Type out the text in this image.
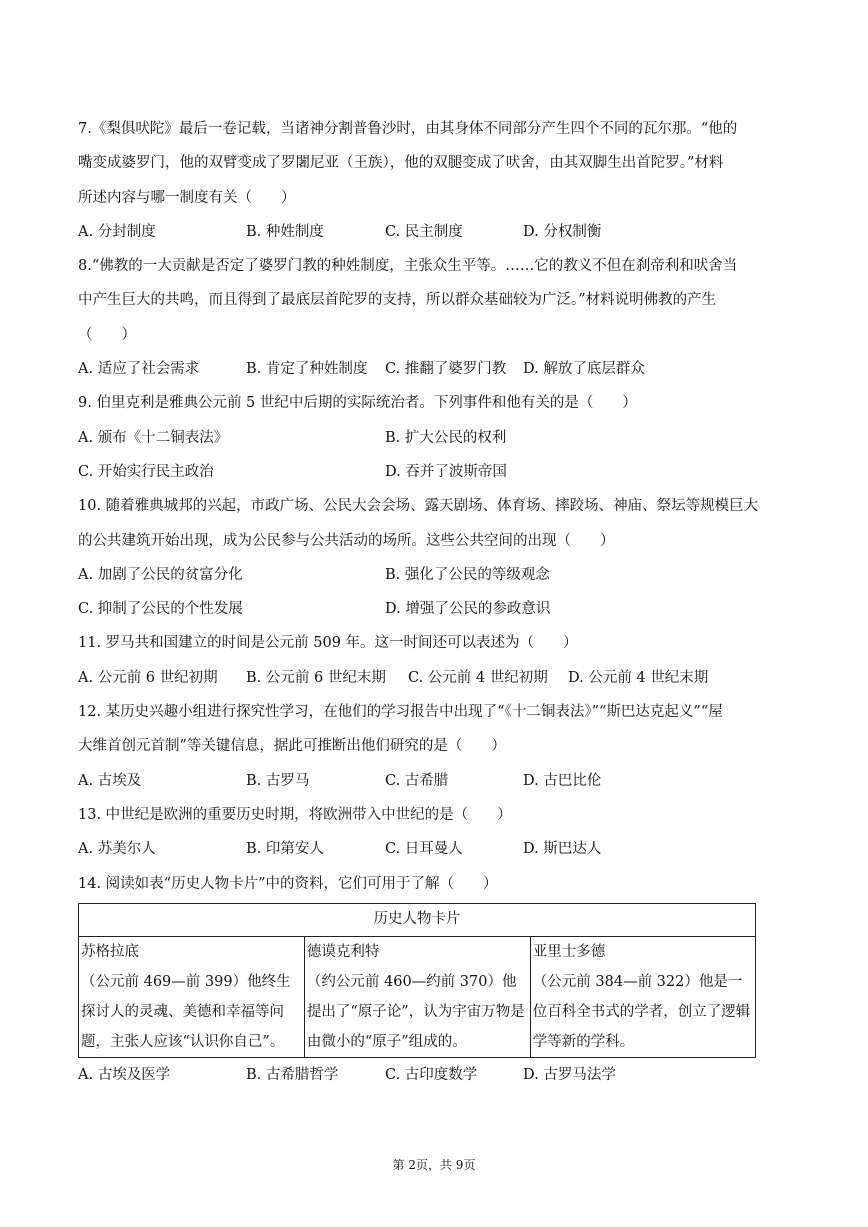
7.《梨俱吠陀》最后一卷记载，当诸神分割普鲁沙时，由其身体不同部分产生四个不同的瓦尔那。“他的
嘴变成婆罗门，他的双臂变成了罗闍尼亚（王族），他的双腿变成了吠舍，由其双脚生出首陀罗。”材料
所述内容与哪一制度有关（　　）
A. 分封制度	B. 种姓制度	C. 民主制度	D. 分权制衡
8.“佛教的一大贡献是否定了婆罗门教的种姓制度，主张众生平等。……它的教义不但在刹帝利和吠舍当
中产生巨大的共鸣，而且得到了最底层首陀罗的支持，所以群众基础较为广泛。”材料说明佛教的产生
（　　）
A. 适应了社会需求	B. 肯定了种姓制度 C. 推翻了婆罗门教 D. 解放了底层群众
9. 伯里克利是雅典公元前 5 世纪中后期的实际统治者。下列事件和他有关的是（　　）
A. 颁布《十二铜表法》	B. 扩大公民的权利
C. 开始实行民主政治	D. 吞并了波斯帝国
10. 随着雅典城邦的兴起，市政广场、公民大会会场、露天剧场、体育场、摔跤场、神庙、祭坛等规模巨大
的公共建筑开始出现，成为公民参与公共活动的场所。这些公共空间的出现（　　）
A. 加剧了公民的贫富分化	B. 强化了公民的等级观念
C. 抑制了公民的个性发展	D. 增强了公民的参政意识
11. 罗马共和国建立的时间是公元前 509 年。这一时间还可以表述为（　　）
A. 公元前 6 世纪初期 B. 公元前 6 世纪末期 C. 公元前 4 世纪初期 D. 公元前 4 世纪末期
12. 某历史兴趣小组进行探究性学习，在他们的学习报告中出现了“《十二铜表法》”“斯巴达克起义”“屋
大维首创元首制”等关键信息，据此可推断出他们研究的是（　　）
A. 古埃及	B. 古罗马	C. 古希腊	D. 古巴比伦
13. 中世纪是欧洲的重要历史时期，将欧洲带入中世纪的是（　　）
A. 苏美尔人	B. 印第安人	C. 日耳曼人	D. 斯巴达人
14. 阅读如表“历史人物卡片”中的资料，它们可用于了解（　　）
历史人物卡片

苏格拉底
（公元前 469—前 399）他终生探讨人的灵魂、美德和幸福等问题，主张人应该“认识你自己”。

德谟克利特
（约公元前 460—约前 370）他提出了“原子论”，认为宇宙万物是由微小的“原子”组成的。

亚里士多德
（公元前 384—前 322）他是一位百科全书式的学者，创立了逻辑学等新的学科。
A. 古埃及医学	B. 古希腊哲学	C. 古印度数学	D. 古罗马法学
第 2页，共 9页
